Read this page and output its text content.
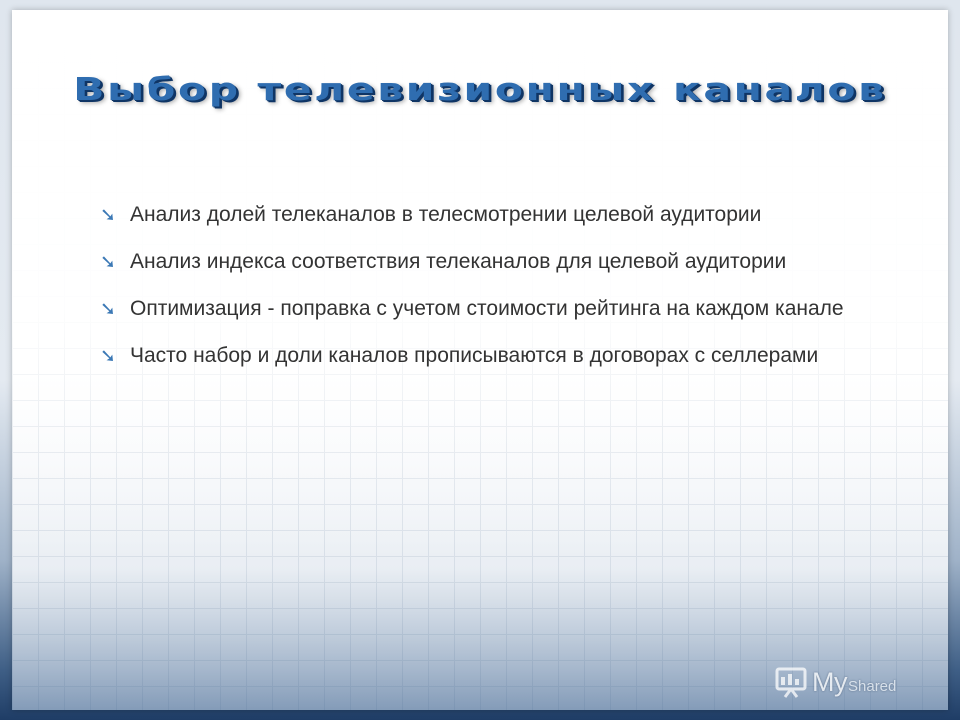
Выбор телевизионных каналов
➘ Анализ долей телеканалов в телесмотрении целевой аудитории
➘ Анализ индекса соответствия телеканалов для целевой аудитории
➘ Оптимизация - поправка с учетом стоимости рейтинга на каждом канале
➘ Часто набор и доли каналов прописываются в договорах с селлерами
My Shared
